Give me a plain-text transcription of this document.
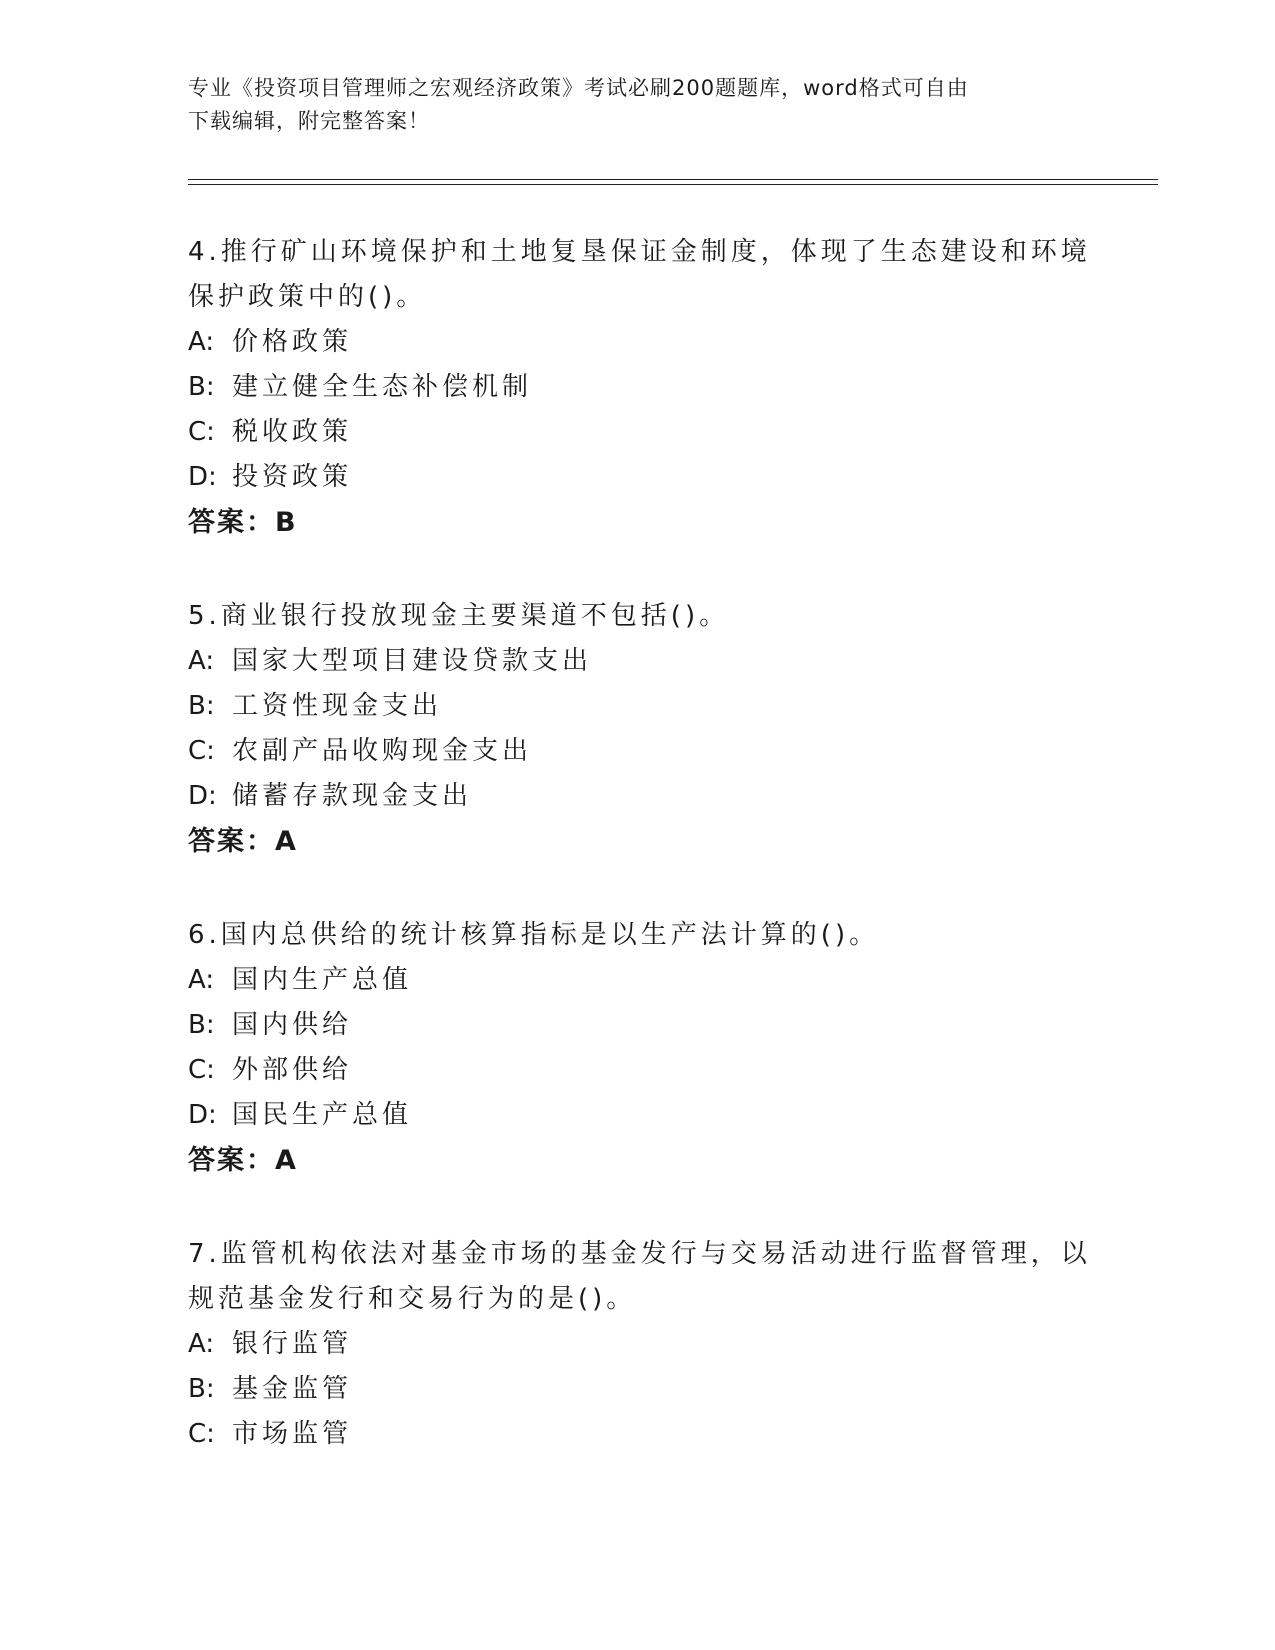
专业《投资项目管理师之宏观经济政策》考试必刷200题题库，word格式可自由
下载编辑，附完整答案！
4.推行矿山环境保护和土地复垦保证金制度，体现了生态建设和环境
保护政策中的()。
A: 价格政策
B: 建立健全生态补偿机制
C: 税收政策
D: 投资政策
答案：B
5.商业银行投放现金主要渠道不包括()。
A: 国家大型项目建设贷款支出
B: 工资性现金支出
C: 农副产品收购现金支出
D: 储蓄存款现金支出
答案：A
6.国内总供给的统计核算指标是以生产法计算的()。
A: 国内生产总值
B: 国内供给
C: 外部供给
D: 国民生产总值
答案：A
7.监管机构依法对基金市场的基金发行与交易活动进行监督管理，以
规范基金发行和交易行为的是()。
A: 银行监管
B: 基金监管
C: 市场监管
